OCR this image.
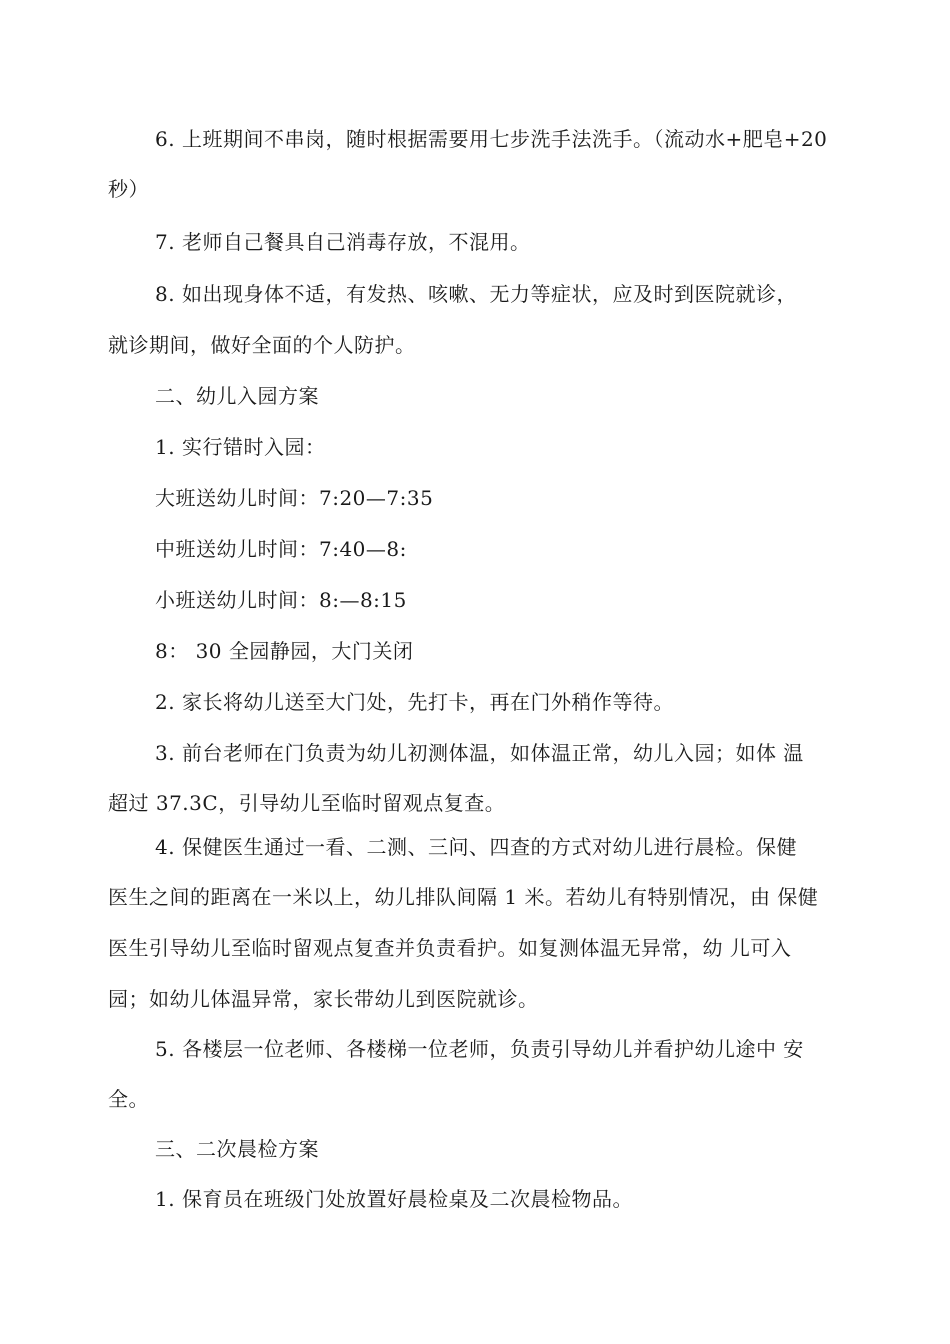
6. 上班期间不串岗，随时根据需要用七步洗手法洗手。（流动水+肥皂+20
秒）
7. 老师自己餐具自己消毒存放，不混用。
8. 如出现身体不适，有发热、咳嗽、无力等症状，应及时到医院就诊，
就诊期间，做好全面的个人防护。
二、幼儿入园方案
1. 实行错时入园：
大班送幼儿时间：7:20—7:35
中班送幼儿时间：7:40—8:
小班送幼儿时间：8:—8:15
8： 30 全园静园，大门关闭
2. 家长将幼儿送至大门处，先打卡，再在门外稍作等待。
3. 前台老师在门负责为幼儿初测体温，如体温正常，幼儿入园；如体 温
超过 37.3C，引导幼儿至临时留观点复查。
4. 保健医生通过一看、二测、三问、四查的方式对幼儿进行晨检。保健
医生之间的距离在一米以上，幼儿排队间隔 1 米。若幼儿有特别情况，由 保健
医生引导幼儿至临时留观点复查并负责看护。如复测体温无异常，幼 儿可入
园；如幼儿体温异常，家长带幼儿到医院就诊。
5. 各楼层一位老师、各楼梯一位老师，负责引导幼儿并看护幼儿途中 安
全。
三、二次晨检方案
1. 保育员在班级门处放置好晨检桌及二次晨检物品。
